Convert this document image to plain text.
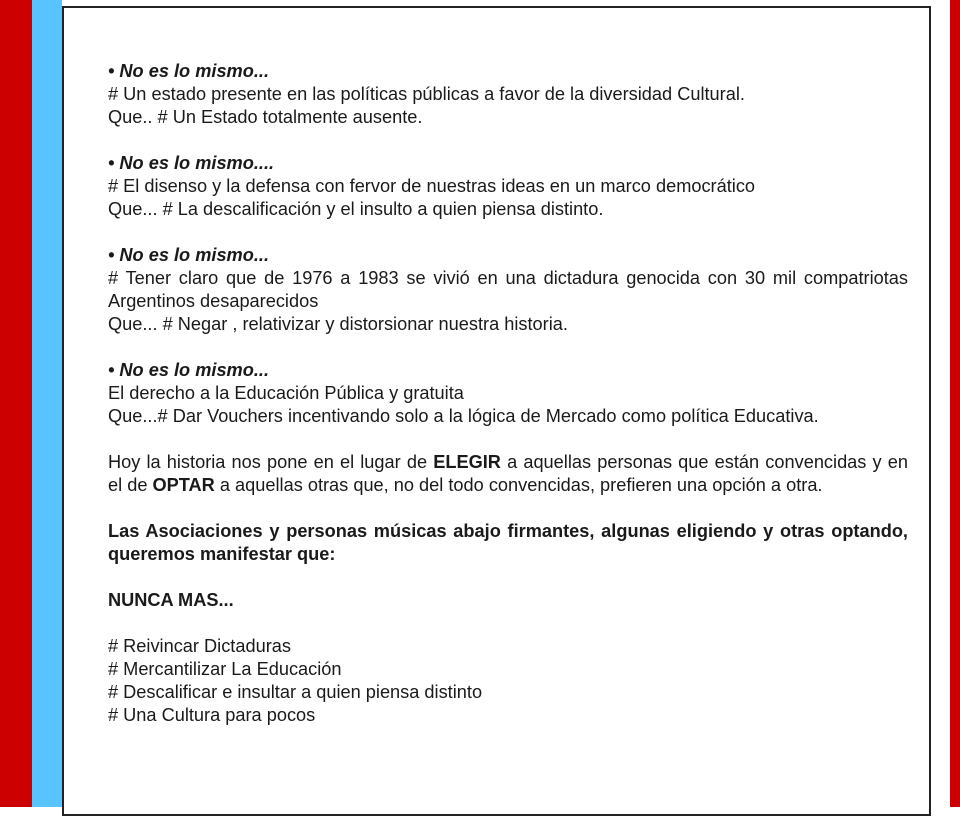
• No es lo mismo...
# Un estado presente en las políticas públicas a favor de la diversidad Cultural.
Que.. # Un Estado totalmente ausente.
• No es lo mismo....
# El disenso y la defensa con fervor de nuestras ideas en un marco democrático
Que... # La descalificación y el insulto a quien piensa distinto.
• No es lo mismo...
# Tener claro que de 1976 a 1983 se vivió en una dictadura genocida con 30 mil compatriotas Argentinos desaparecidos
Que... # Negar , relativizar y distorsionar nuestra historia.
• No es lo mismo...
El derecho a la Educación Pública y gratuita
Que...# Dar Vouchers incentivando solo a la lógica de Mercado como política Educativa.
Hoy la historia nos pone en el lugar de ELEGIR a aquellas personas que están convencidas y en el de OPTAR a aquellas otras que, no del todo convencidas, prefieren una opción a otra.
Las Asociaciones y personas músicas abajo firmantes, algunas eligiendo y otras optando, queremos manifestar que:
NUNCA MAS...
# Reivincar Dictaduras
# Mercantilizar La Educación
# Descalificar e insultar a quien piensa distinto
# Una Cultura para pocos
